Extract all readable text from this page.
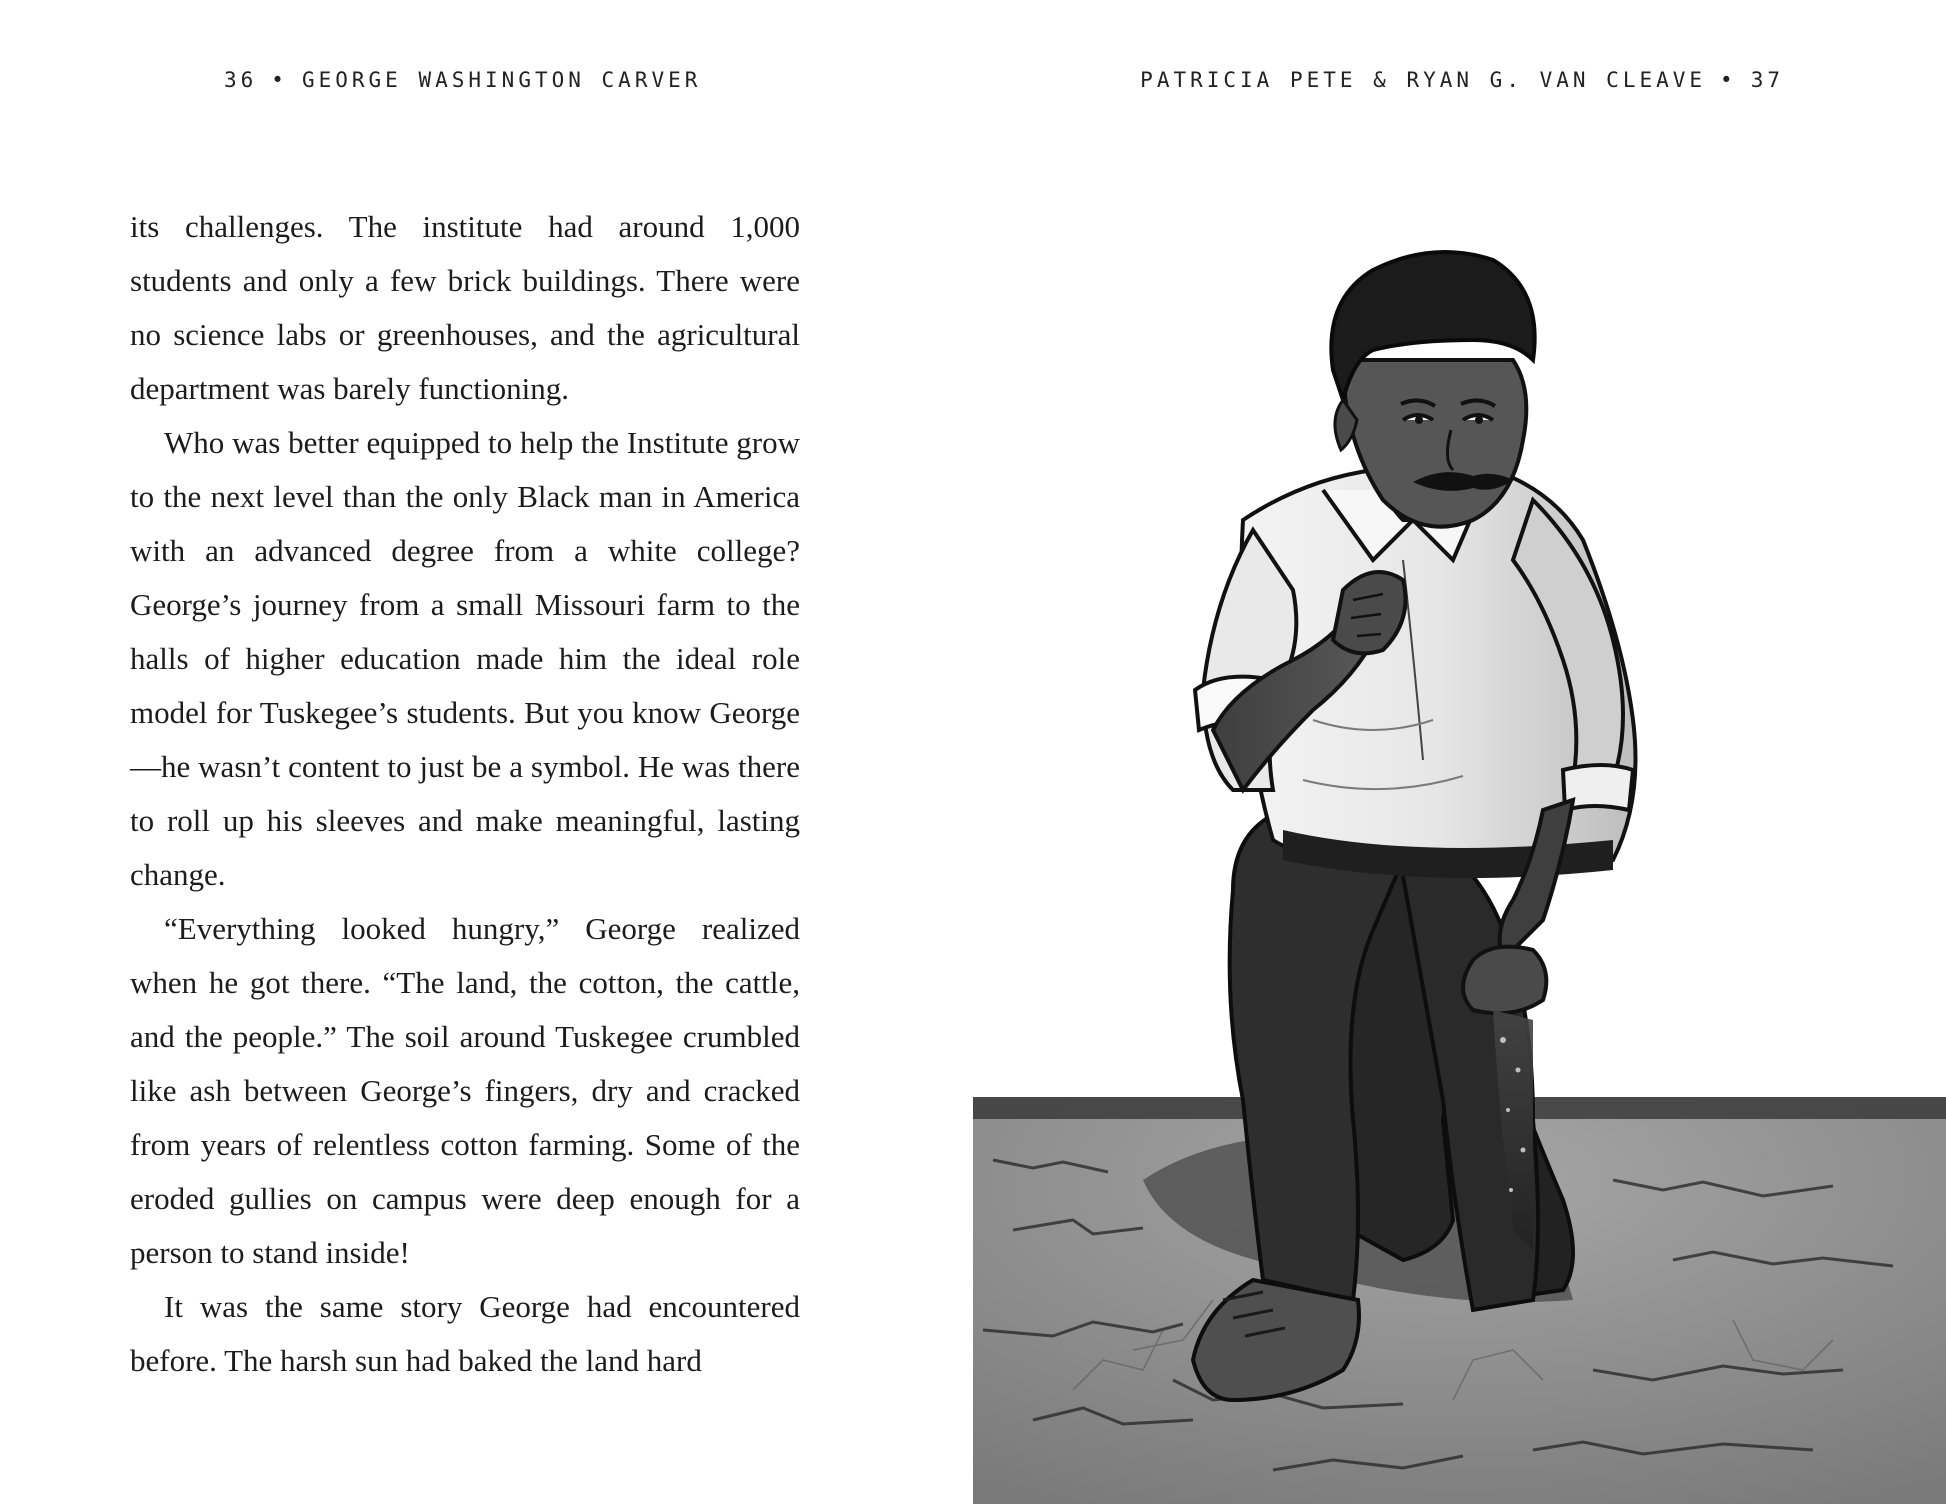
36 • GEORGE WASHINGTON CARVER

its challenges. The institute had around 1,000 students and only a few brick buildings. There were no science labs or greenhouses, and the agricultural department was barely functioning.

Who was better equipped to help the Institute grow to the next level than the only Black man in America with an advanced degree from a white college? George’s journey from a small Missouri farm to the halls of higher education made him the ideal role model for Tuskegee’s students. But you know George—he wasn’t content to just be a symbol. He was there to roll up his sleeves and make meaningful, lasting change.

“Everything looked hungry,” George realized when he got there. “The land, the cotton, the cattle, and the people.” The soil around Tuskegee crumbled like ash between George’s fingers, dry and cracked from years of relentless cotton farming. Some of the eroded gullies on campus were deep enough for a person to stand inside!

It was the same story George had encountered before. The harsh sun had baked the land hard

PATRICIA PETE & RYAN G. VAN CLEAVE • 37
